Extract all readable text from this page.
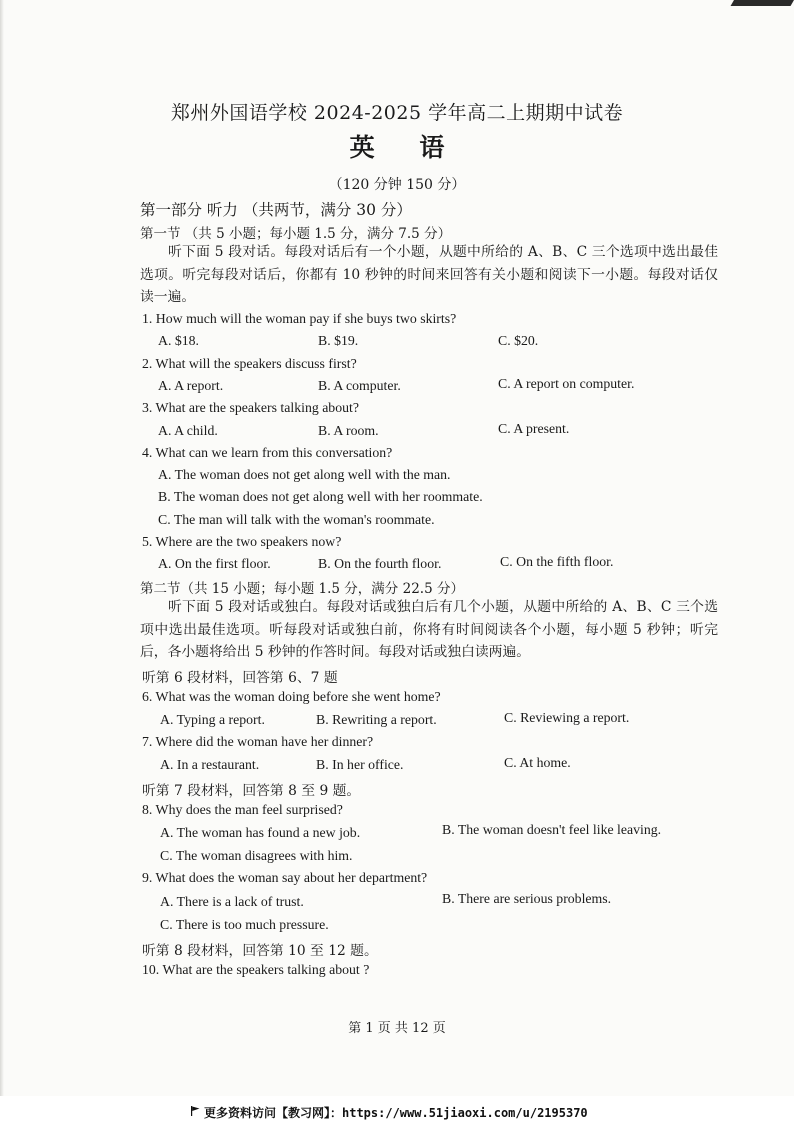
郑州外国语学校 2024-2025 学年高二上期期中试卷
英 语
（120 分钟 150 分）
第一部分 听力 （共两节，满分 30 分）
第一节 （共 5 小题；每小题 1.5 分，满分 7.5 分）
听下面 5 段对话。每段对话后有一个小题，从题中所给的 A、B、C 三个选项中选出最佳选项。听完每段对话后，你都有 10 秒钟的时间来回答有关小题和阅读下一小题。每段对话仅读一遍。
1. How much will the woman pay if she buys two skirts?
A. $18.	B. $19.	C. $20.
2. What will the speakers discuss first?
A. A report.	B. A computer.	C. A report on computer.
3. What are the speakers talking about?
A. A child.	B. A room.	C. A present.
4. What can we learn from this conversation?
A. The woman does not get along well with the man.
B. The woman does not get along well with her roommate.
C. The man will talk with the woman's roommate.
5. Where are the two speakers now?
A. On the first floor.	B. On the fourth floor.	C. On the fifth floor.
第二节（共 15 小题；每小题 1.5 分，满分 22.5 分）
听下面 5 段对话或独白。每段对话或独白后有几个小题，从题中所给的 A、B、C 三个选项中选出最佳选项。听每段对话或独白前，你将有时间阅读各个小题，每小题 5 秒钟；听完后，各小题将给出 5 秒钟的作答时间。每段对话或独白读两遍。
听第 6 段材料，回答第 6、7 题
6. What was the woman doing before she went home?
A. Typing a report.	B. Rewriting a report.	C. Reviewing a report.
7. Where did the woman have her dinner?
A. In a restaurant.	B. In her office.	C. At home.
听第 7 段材料，回答第 8 至 9 题。
8. Why does the man feel surprised?
A. The woman has found a new job.	B. The woman doesn't feel like leaving.
C. The woman disagrees with him.
9. What does the woman say about her department?
A. There is a lack of trust.	B. There are serious problems.
C. There is too much pressure.
听第 8 段材料，回答第 10 至 12 题。
10. What are the speakers talking about ?
第 1 页 共 12 页
更多资料访问【教习网】：https://www.51jiaoxi.com/u/2195370
